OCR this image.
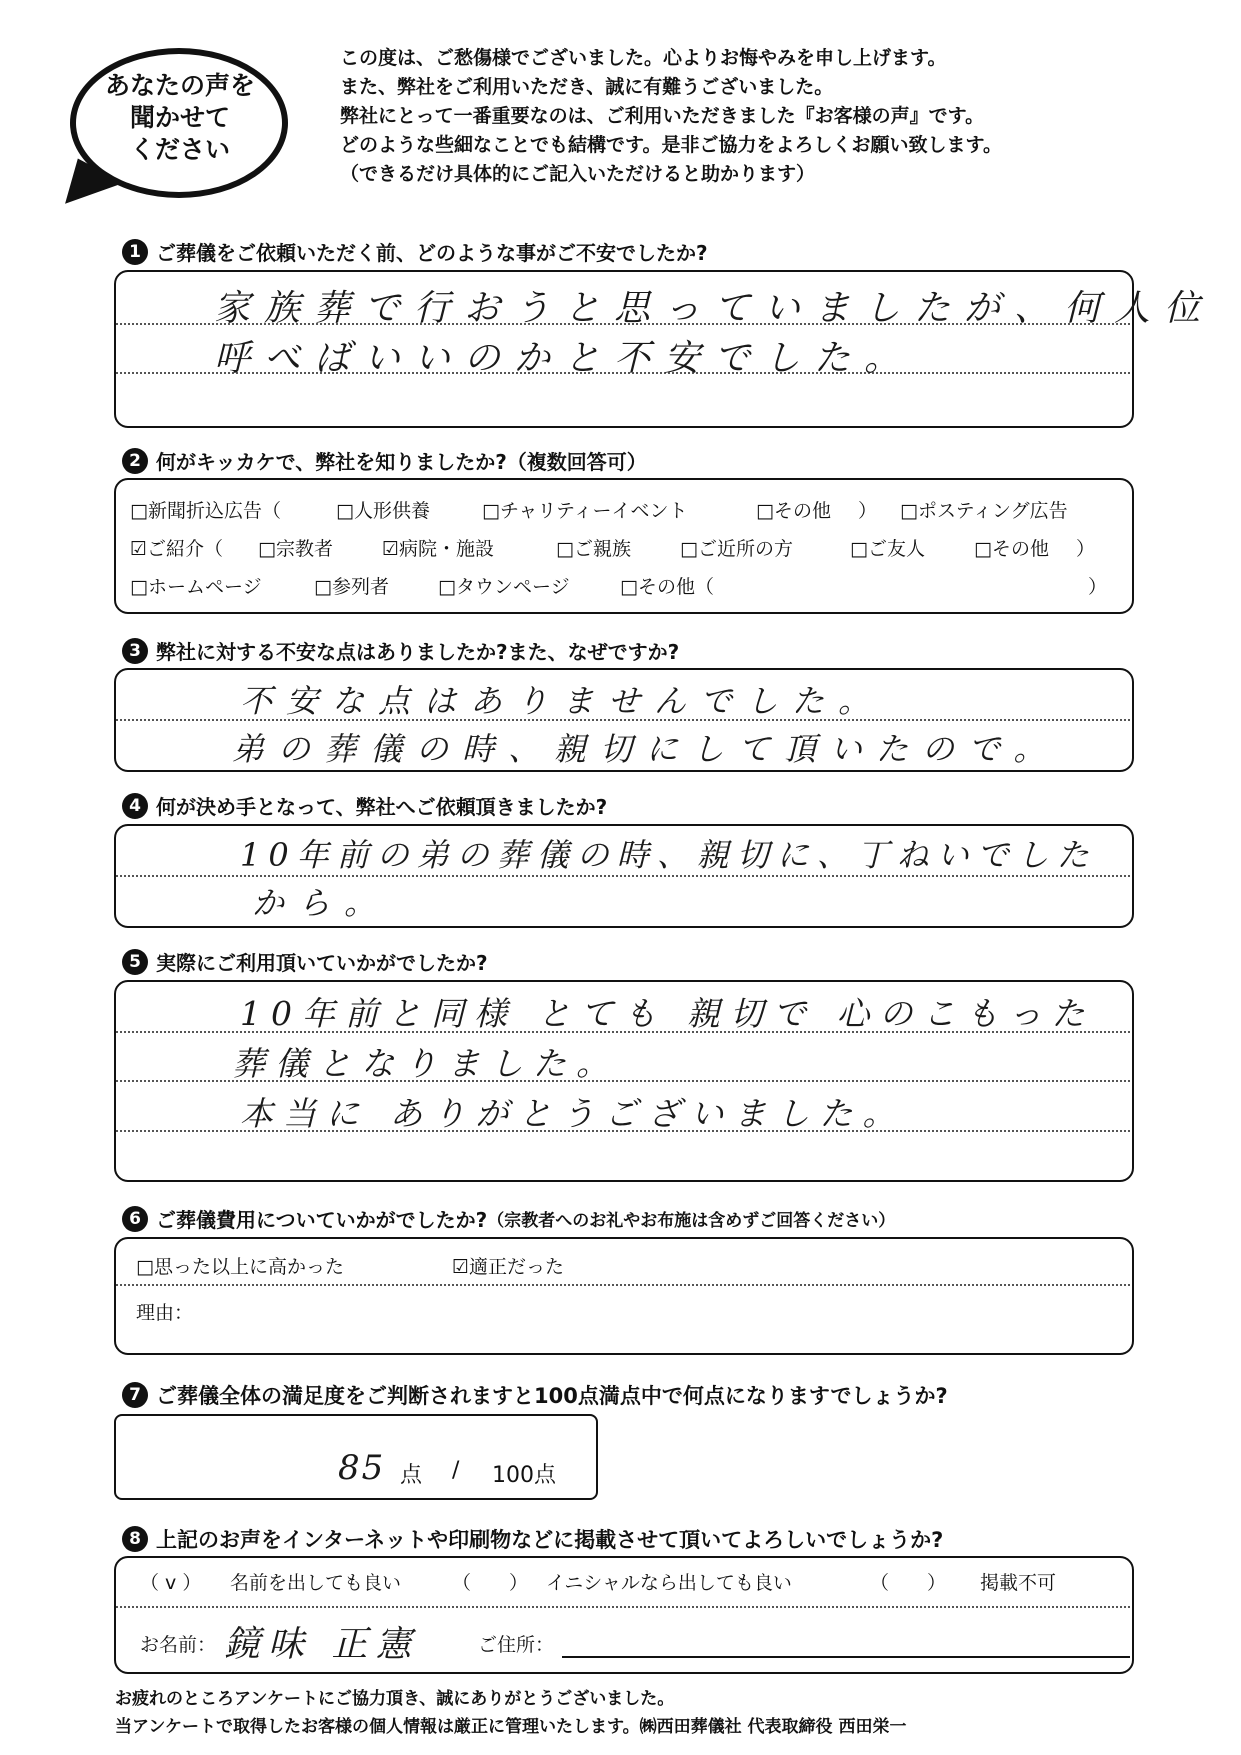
あなたの声を
聞かせて
ください
この度は、ご愁傷様でございました。心よりお悔やみを申し上げます。
また、弊社をご利用いただき、誠に有難うございました。
弊社にとって一番重要なのは、ご利用いただきました『お客様の声』です。
どのような些細なことでも結構です。是非ご協力をよろしくお願い致します。
（できるだけ具体的にご記入いただけると助かります）
1 ご葬儀をご依頼いただく前、どのような事がご不安でしたか?
家族葬で行おうと思っていましたが、何人位
呼べばいいのかと不安でした。
2 何がキッカケで、弊社を知りましたか?（複数回答可）
□新聞折込広告（	□人形供養	□チャリティーイベント	□その他 ） □ポスティング広告
☑ご紹介（ □宗教者	☑病院・施設	□ご親族	□ご近所の方	□ご友人	□その他 ）
□ホームページ	□参列者	□タウンページ	□その他（	）
3 弊社に対する不安な点はありましたか?また、なぜですか?
不安な点はありませんでした。
弟の葬儀の時、親切にして頂いたので。
4 何が決め手となって、弊社へご依頼頂きましたか?
10年前の弟の葬儀の時、親切に、丁ねいでした
から。
5 実際にご利用頂いていかがでしたか?
10年前と同様 とても 親切で 心のこもった
葬儀となりました。
本当に ありがとうございました。
6 ご葬儀費用についていかがでしたか? （宗教者へのお礼やお布施は含めずご回答ください）
□思った以上に高かった	☑適正だった
理由：
7 ご葬儀全体の満足度をご判断されますと100点満点中で何点になりますでしょうか?
85 点 / 100点
8 上記のお声をインターネットや印刷物などに掲載させて頂いてよろしいでしょうか?
（ v ） 名前を出しても良い	（　　） イニシャルなら出しても良い	（　　） 掲載不可
お名前： 鏡味 正憲	ご住所：
お疲れのところアンケートにご協力頂き、誠にありがとうございました。
当アンケートで取得したお客様の個人情報は厳正に管理いたします。㈱西田葬儀社 代表取締役 西田栄一
